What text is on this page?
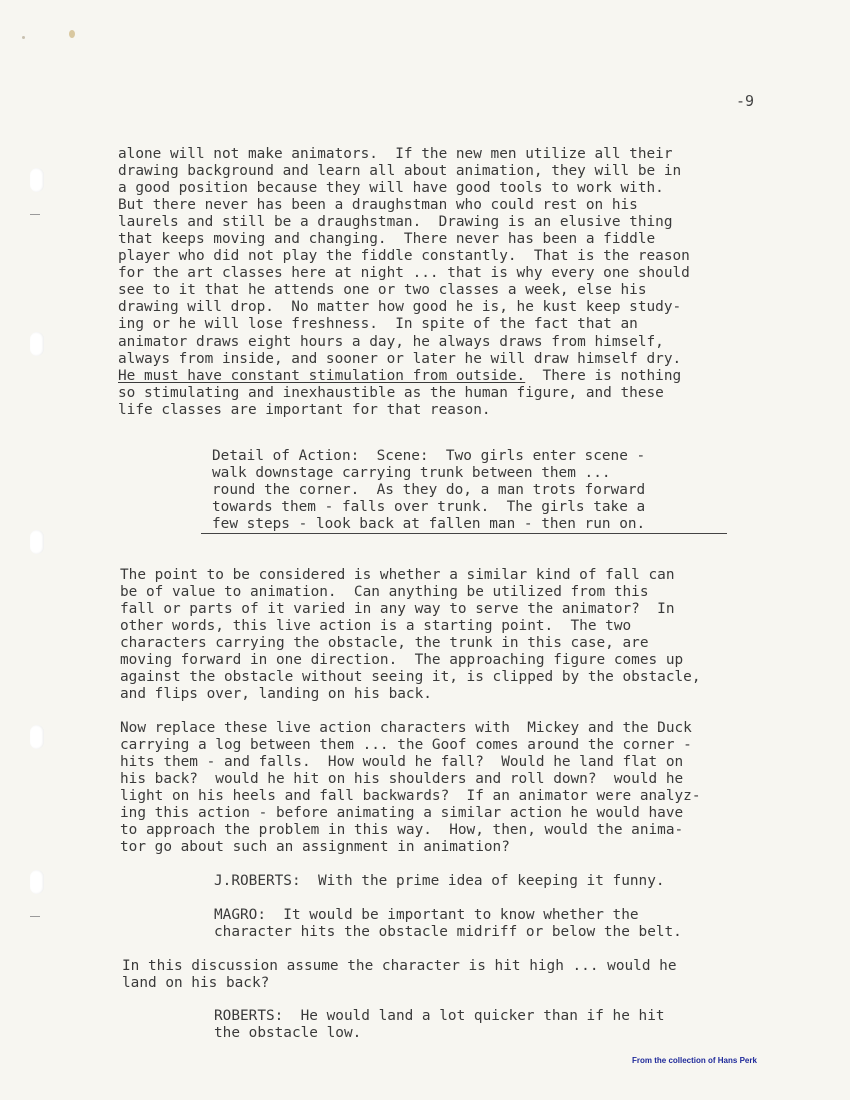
-9

alone will not make animators.  If the new men utilize all their
drawing background and learn all about animation, they will be in
a good position because they will have good tools to work with.
But there never has been a draughstman who could rest on his
laurels and still be a draughstman.  Drawing is an elusive thing
that keeps moving and changing.  There never has been a fiddle
player who did not play the fiddle constantly.  That is the reason
for the art classes here at night ... that is why every one should
see to it that he attends one or two classes a week, else his
drawing will drop.  No matter how good he is, he kust keep study-
ing or he will lose freshness.  In spite of the fact that an
animator draws eight hours a day, he always draws from himself,
always from inside, and sooner or later he will draw himself dry.
He must have constant stimulation from outside.  There is nothing
so stimulating and inexhaustible as the human figure, and these
life classes are important for that reason.

Detail of Action:  Scene:  Two girls enter scene -
walk downstage carrying trunk between them ...
round the corner.  As they do, a man trots forward
towards them - falls over trunk.  The girls take a
few steps - look back at fallen man - then run on.

The point to be considered is whether a similar kind of fall can
be of value to animation.  Can anything be utilized from this
fall or parts of it varied in any way to serve the animator?  In
other words, this live action is a starting point.  The two
characters carrying the obstacle, the trunk in this case, are
moving forward in one direction.  The approaching figure comes up
against the obstacle without seeing it, is clipped by the obstacle,
and flips over, landing on his back.

Now replace these live action characters with  Mickey and the Duck
carrying a log between them ... the Goof comes around the corner -
hits them - and falls.  How would he fall?  Would he land flat on
his back?  would he hit on his shoulders and roll down?  would he
light on his heels and fall backwards?  If an animator were analyz-
ing this action - before animating a similar action he would have
to approach the problem in this way.  How, then, would the anima-
tor go about such an assignment in animation?

J.ROBERTS:  With the prime idea of keeping it funny.

MAGRO:  It would be important to know whether the
character hits the obstacle midriff or below the belt.

In this discussion assume the character is hit high ... would he
land on his back?

ROBERTS:  He would land a lot quicker than if he hit
the obstacle low.

From the collection of Hans Perk
